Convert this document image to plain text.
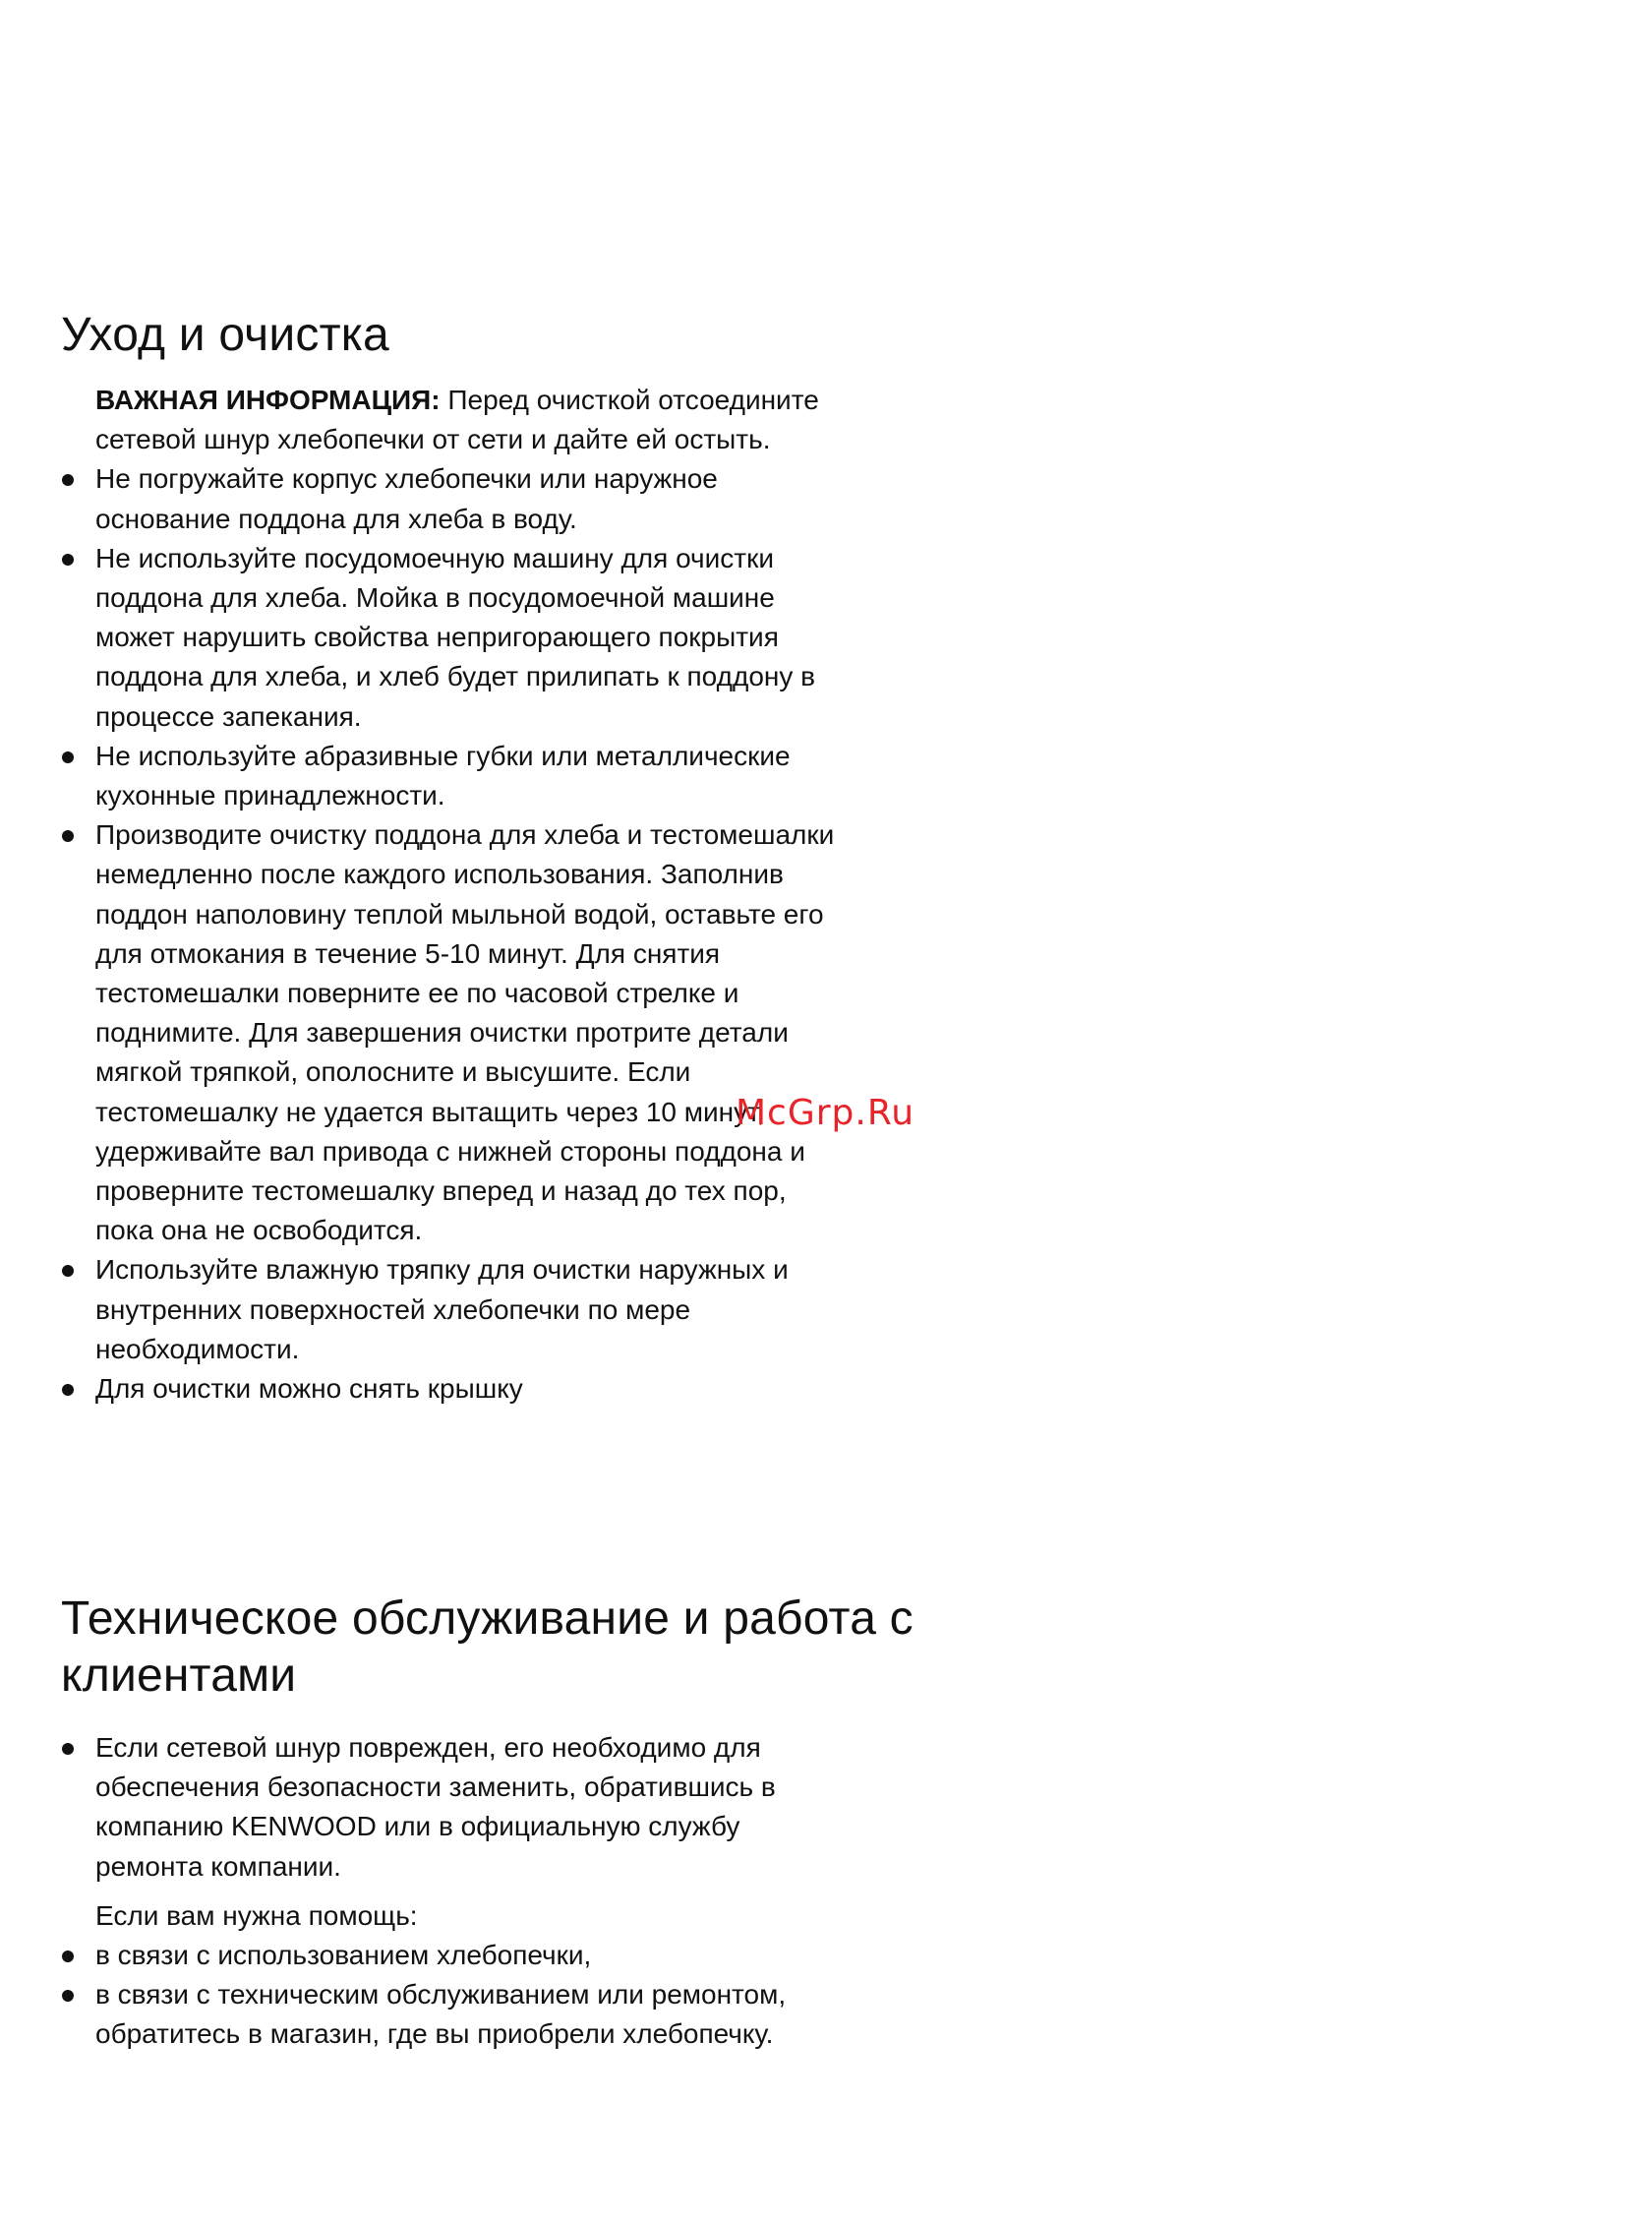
Уход и очистка

ВАЖНАЯ ИНФОРМАЦИЯ: Перед очисткой отсоедините сетевой шнур хлебопечки от сети и дайте ей остыть.

Не погружайте корпус хлебопечки или наружное основание поддона для хлеба в воду.

Не используйте посудомоечную машину для очистки поддона для хлеба. Мойка в посудомоечной машине может нарушить свойства непригорающего покрытия поддона для хлеба, и хлеб будет прилипать к поддону в процессе запекания.

Не используйте абразивные губки или металлические кухонные принадлежности.

Производите очистку поддона для хлеба и тестомешалки немедленно после каждого использования. Заполнив поддон наполовину теплой мыльной водой, оставьте его для отмокания в течение 5-10 минут. Для снятия тестомешалки поверните ее по часовой стрелке и поднимите. Для завершения очистки протрите детали мягкой тряпкой, ополосните и высушите. Если тестомешалку не удается вытащить через 10 минут, удерживайте вал привода с нижней стороны поддона и проверните тестомешалку вперед и назад до тех пор, пока она не освободится.

Используйте влажную тряпку для очистки наружных и внутренних поверхностей хлебопечки по мере необходимости.

Для очистки можно снять крышку

Техническое обслуживание и работа с клиентами

Если сетевой шнур поврежден, его необходимо для обеспечения безопасности заменить, обратившись в компанию KENWOOD или в официальную службу ремонта компании.

Если вам нужна помощь:

в связи с использованием хлебопечки,

в связи с техническим обслуживанием или ремонтом,

обратитесь в магазин, где вы приобрели хлебопечку.

McGrp.Ru
